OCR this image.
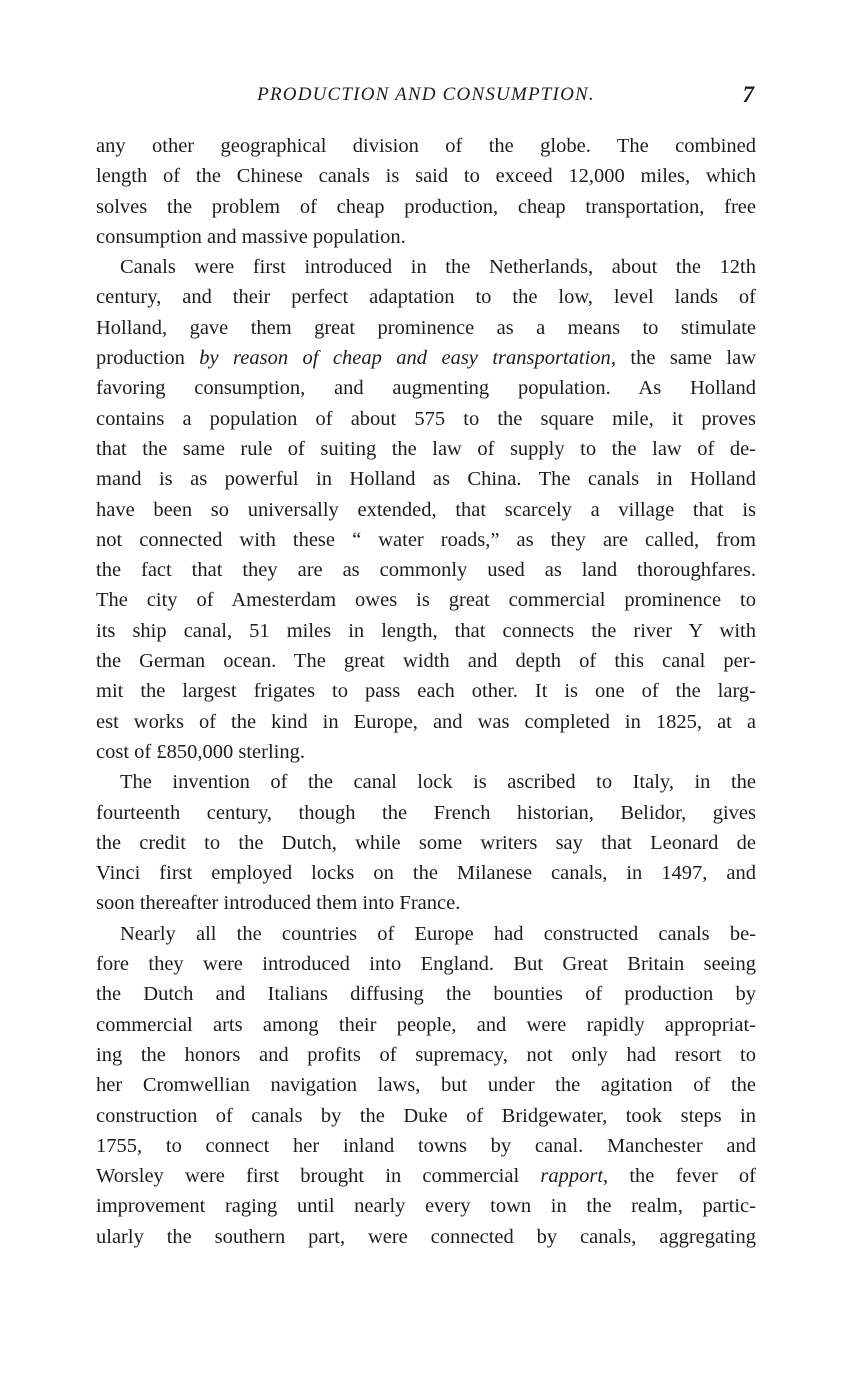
PRODUCTION AND CONSUMPTION.	7
any other geographical division of the globe. The combined
length of the Chinese canals is said to exceed 12,000 miles, which
solves the problem of cheap production, cheap transportation, free
consumption and massive population.
Canals were first introduced in the Netherlands, about the 12th
century, and their perfect adaptation to the low, level lands of
Holland, gave them great prominence as a means to stimulate
production by reason of cheap and easy transportation, the same law
favoring consumption, and augmenting population. As Holland
contains a population of about 575 to the square mile, it proves
that the same rule of suiting the law of supply to the law of de-
mand is as powerful in Holland as China. The canals in Holland
have been so universally extended, that scarcely a village that is
not connected with these “ water roads,” as they are called, from
the fact that they are as commonly used as land thoroughfares.
The city of Amesterdam owes is great commercial prominence to
its ship canal, 51 miles in length, that connects the river Y with
the German ocean. The great width and depth of this canal per-
mit the largest frigates to pass each other. It is one of the larg-
est works of the kind in Europe, and was completed in 1825, at a
cost of £850,000 sterling.
The invention of the canal lock is ascribed to Italy, in the
fourteenth century, though the French historian, Belidor, gives
the credit to the Dutch, while some writers say that Leonard de
Vinci first employed locks on the Milanese canals, in 1497, and
soon thereafter introduced them into France.
Nearly all the countries of Europe had constructed canals be-
fore they were introduced into England. But Great Britain seeing
the Dutch and Italians diffusing the bounties of production by
commercial arts among their people, and were rapidly appropriat-
ing the honors and profits of supremacy, not only had resort to
her Cromwellian navigation laws, but under the agitation of the
construction of canals by the Duke of Bridgewater, took steps in
1755, to connect her inland towns by canal. Manchester and
Worsley were first brought in commercial rapport, the fever of
improvement raging until nearly every town in the realm, partic-
ularly the southern part, were connected by canals, aggregating
